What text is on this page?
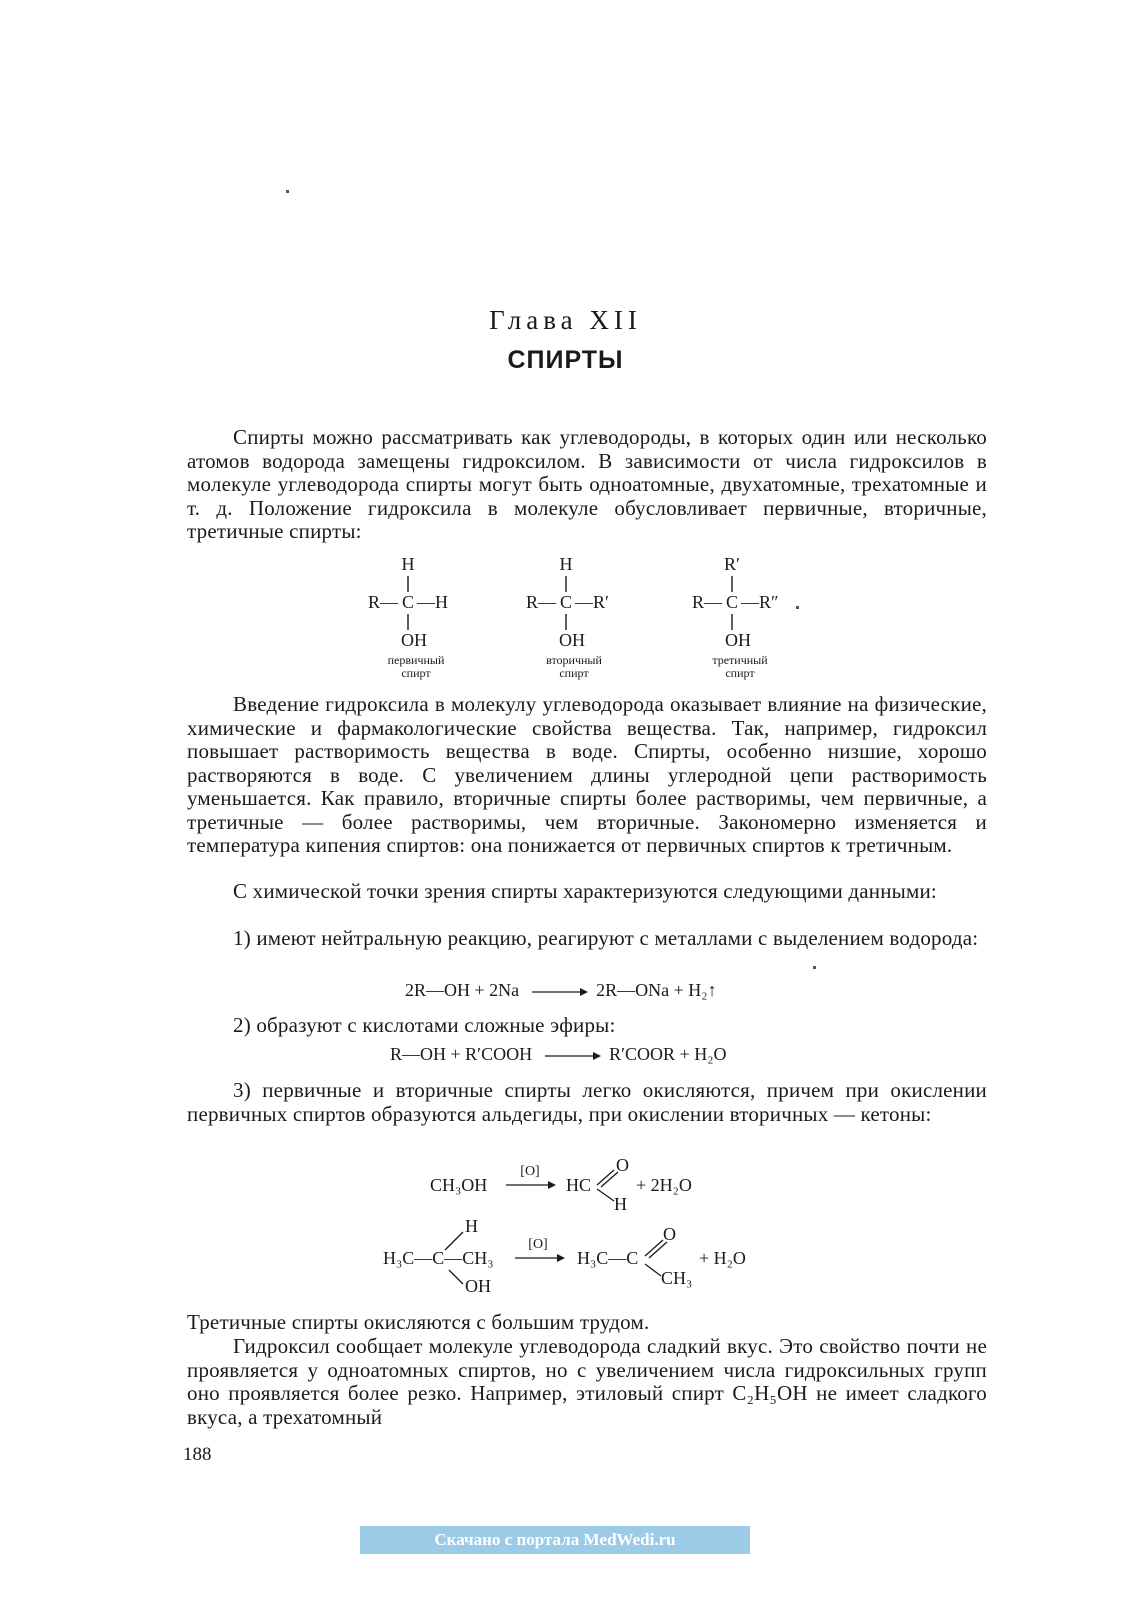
Глава XII
СПИРТЫ

Спирты можно рассматривать как углеводороды, в которых один или несколько атомов водорода замещены гидроксилом. В зависимости от числа гидроксилов в молекуле углеводорода спирты могут быть одноатомные, двухатомные, трехатомные и т. д. Положение гидроксила в молекуле обусловливает первичные, вторичные, третичные спирты:

H
R— C —H
OH
первичный
спирт
H
R— C —R′
OH
вторичный
спирт
R′
R— C —R″
OH
третичный
спирт

Введение гидроксила в молекулу углеводорода оказывает влияние на физические, химические и фармакологические свойства вещества. Так, например, гидроксил повышает растворимость вещества в воде. Спирты, особенно низшие, хорошо растворяются в воде. С увеличением длины углеродной цепи растворимость уменьшается. Как правило, вторичные спирты более растворимы, чем первичные, а третичные — более растворимы, чем вторичные. Закономерно изменяется и температура кипения спиртов: она понижается от первичных спиртов к третичным.

С химической точки зрения спирты характеризуются следующими данными:

1) имеют нейтральную реакцию, реагируют с металлами с выделением водорода:

2R—OH + 2Na	2R—ONa + H₂↑

2) образуют с кислотами сложные эфиры:

R—OH + R′COOH	R′COOR + H₂O

3) первичные и вторичные спирты легко окисляются, причем при окислении первичных спиртов образуются альдегиды, при окислении вторичных — кетоны:

CH₃OH
[O]
HC
O
H
+ 2H₂O
H₃C—C—CH₃
H
OH
[O]
H₃C—C
O
CH₃
+ H₂O

Третичные спирты окисляются с большим трудом.

Гидроксил сообщает молекуле углеводорода сладкий вкус. Это свойство почти не проявляется у одноатомных спиртов, но с увеличением числа гидроксильных групп оно проявляется более резко. Например, этиловый спирт C₂H₅OH не имеет сладкого вкуса, а трехатомный

188
Скачано с портала MedWedi.ru
